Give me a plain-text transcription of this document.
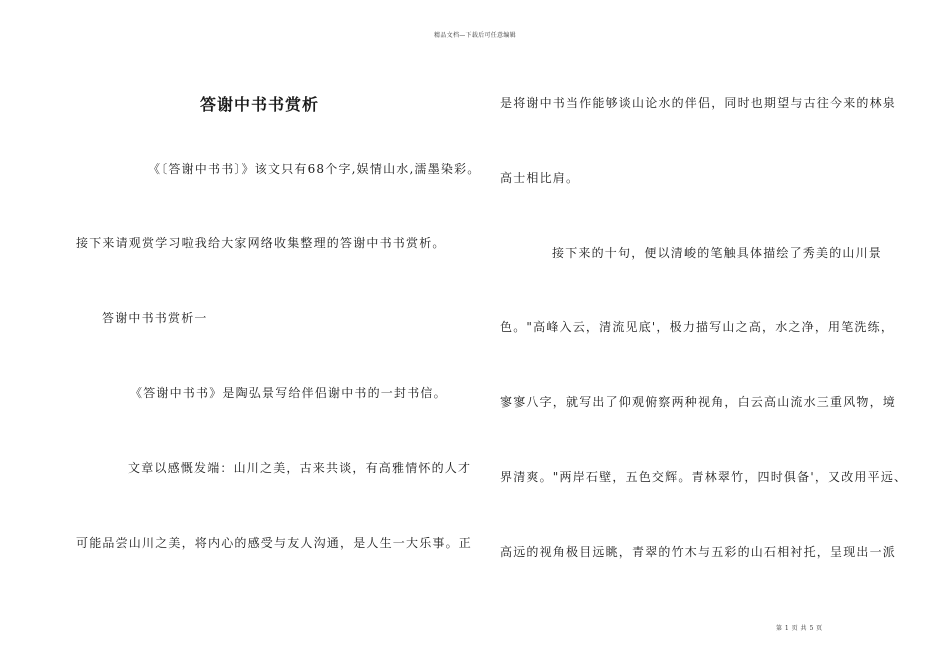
精品文档—下载后可任意编辑
答谢中书书赏析
《〔答谢中书书〕》该文只有68个字,娱情山水,濡墨染彩。
接下来请观赏学习啦我给大家网络收集整理的答谢中书书赏析。
答谢中书书赏析一
《答谢中书书》是陶弘景写给伴侣谢中书的一封书信。
文章以感慨发端：山川之美，古来共谈，有高雅情怀的人才
可能品尝山川之美，将内心的感受与友人沟通，是人生一大乐事。正
是将谢中书当作能够谈山论水的伴侣，同时也期望与古往今来的林泉
高士相比肩。
接下来的十句，便以清峻的笔触具体描绘了秀美的山川景
色。"高峰入云，清流见底'，极力描写山之高，水之净，用笔洗练，
寥寥八字，就写出了仰观俯察两种视角，白云高山流水三重风物，境
界清爽。"两岸石壁，五色交辉。青林翠竹，四时俱备'，又改用平远、
高远的视角极目远眺，青翠的竹木与五彩的山石相衬托，呈现出一派
第 1 页 共 5 页
